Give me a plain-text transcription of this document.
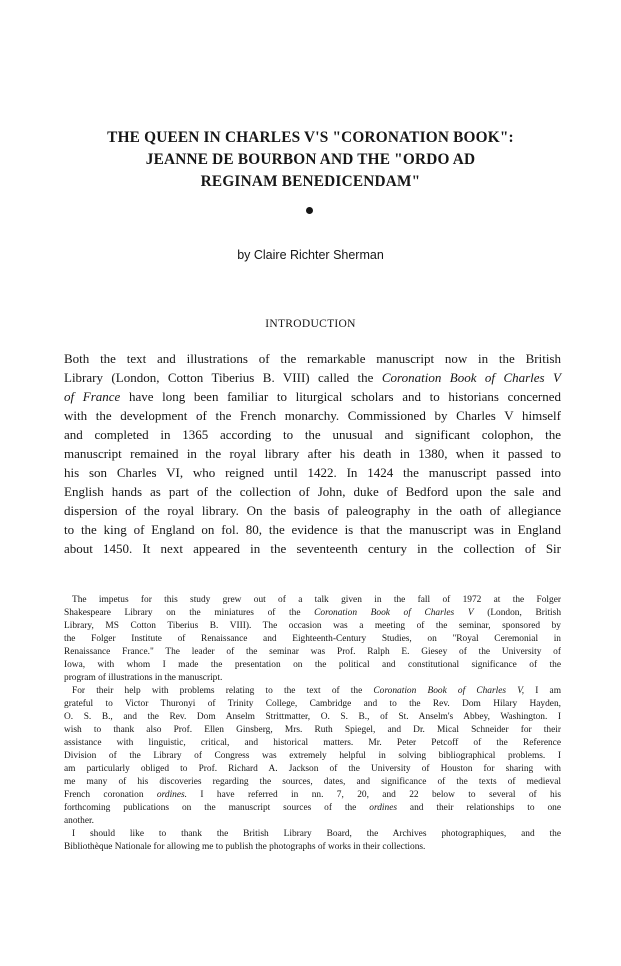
THE QUEEN IN CHARLES V'S "CORONATION BOOK":
JEANNE DE BOURBON AND THE "ORDO AD
REGINAM BENEDICENDAM"
by Claire Richter Sherman
INTRODUCTION
Both the text and illustrations of the remarkable manuscript now in the British
Library (London, Cotton Tiberius B. VIII) called the Coronation Book of Charles V
of France have long been familiar to liturgical scholars and to historians concerned
with the development of the French monarchy. Commissioned by Charles V himself
and completed in 1365 according to the unusual and significant colophon, the
manuscript remained in the royal library after his death in 1380, when it passed to
his son Charles VI, who reigned until 1422. In 1424 the manuscript passed into
English hands as part of the collection of John, duke of Bedford upon the sale and
dispersion of the royal library. On the basis of paleography in the oath of allegiance
to the king of England on fol. 80, the evidence is that the manuscript was in England
about 1450. It next appeared in the seventeenth century in the collection of Sir
The impetus for this study grew out of a talk given in the fall of 1972 at the Folger
Shakespeare Library on the miniatures of the Coronation Book of Charles V (London, British
Library, MS Cotton Tiberius B. VIII). The occasion was a meeting of the seminar, sponsored by
the Folger Institute of Renaissance and Eighteenth-Century Studies, on "Royal Ceremonial in
Renaissance France." The leader of the seminar was Prof. Ralph E. Giesey of the University of
Iowa, with whom I made the presentation on the political and constitutional significance of the
program of illustrations in the manuscript.
For their help with problems relating to the text of the Coronation Book of Charles V, I am
grateful to Victor Thuronyi of Trinity College, Cambridge and to the Rev. Dom Hilary Hayden,
O. S. B., and the Rev. Dom Anselm Strittmatter, O. S. B., of St. Anselm's Abbey, Washington. I
wish to thank also Prof. Ellen Ginsberg, Mrs. Ruth Spiegel, and Dr. Mical Schneider for their
assistance with linguistic, critical, and historical matters. Mr. Peter Petcoff of the Reference
Division of the Library of Congress was extremely helpful in solving bibliographical problems. I
am particularly obliged to Prof. Richard A. Jackson of the University of Houston for sharing with
me many of his discoveries regarding the sources, dates, and significance of the texts of medieval
French coronation ordines. I have referred in nn. 7, 20, and 22 below to several of his
forthcoming publications on the manuscript sources of the ordines and their relationships to one
another.
I should like to thank the British Library Board, the Archives photographiques, and the
Bibliothèque Nationale for allowing me to publish the photographs of works in their collections.
